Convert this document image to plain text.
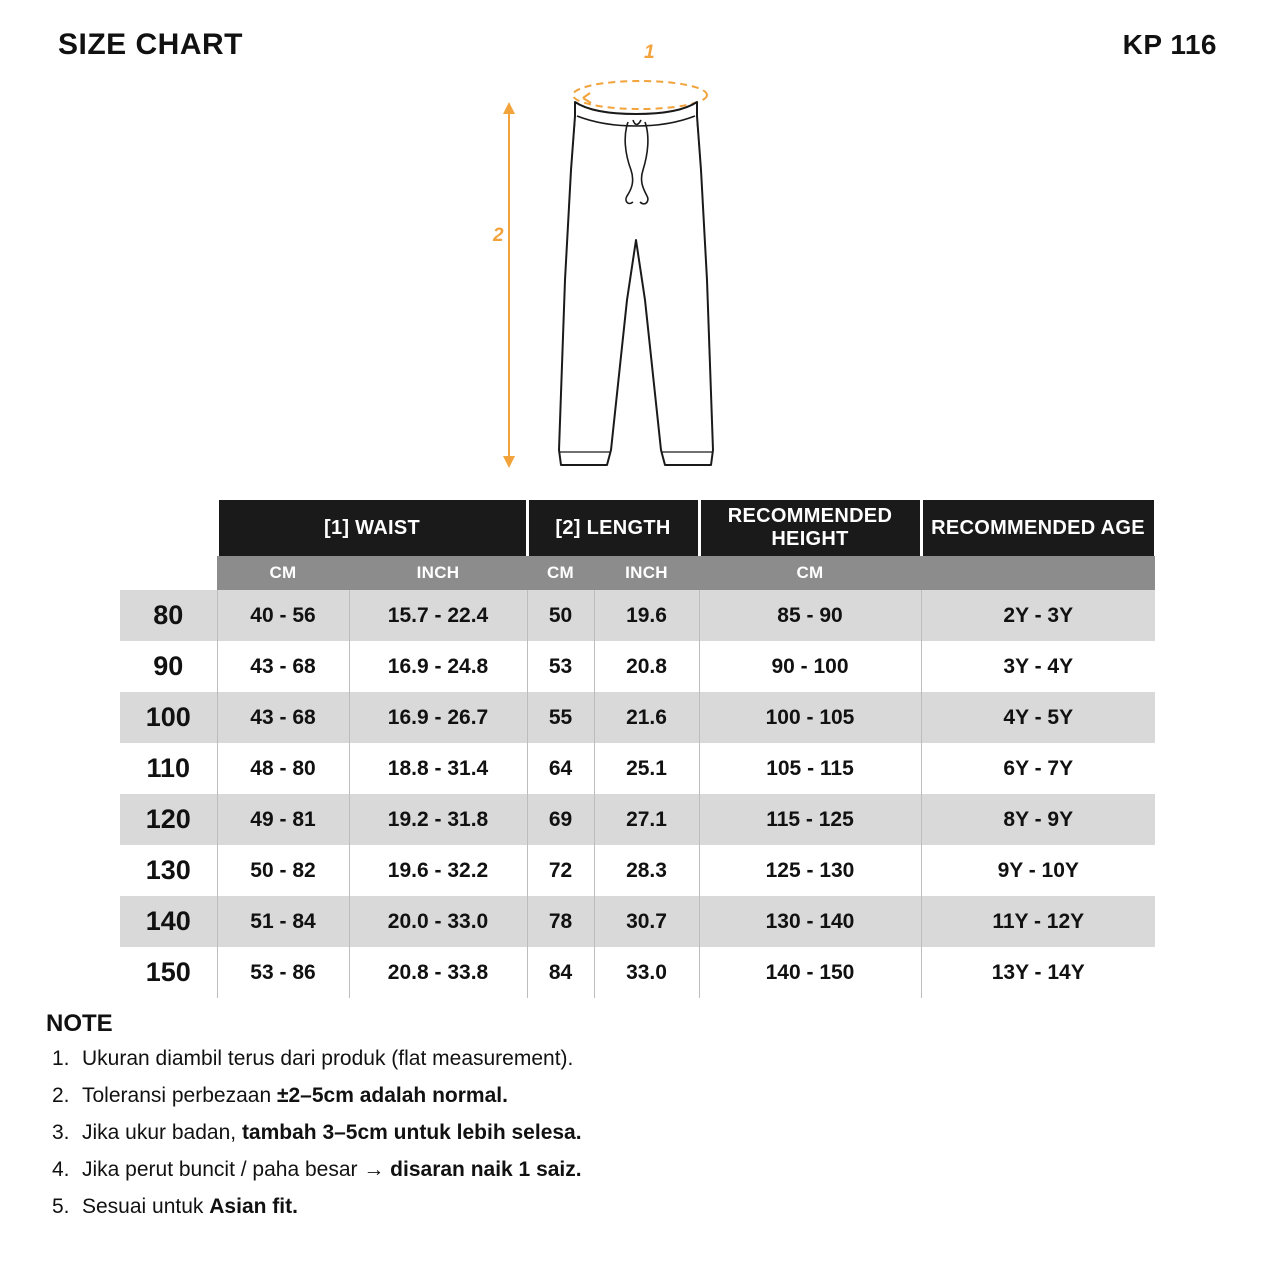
SIZE CHART	KP 116
1
2
	[1] WAIST		[2] LENGTH		RECOMMENDED HEIGHT	RECOMMENDED AGE
	CM	INCH	CM	INCH	CM	
80	40 - 56	15.7 - 22.4	50	19.6	85 - 90	2Y - 3Y
90	43 - 68	16.9 - 24.8	53	20.8	90 - 100	3Y - 4Y
100	43 - 68	16.9 - 26.7	55	21.6	100 - 105	4Y - 5Y
110	48 - 80	18.8 - 31.4	64	25.1	105 - 115	6Y - 7Y
120	49 - 81	19.2 - 31.8	69	27.1	115 - 125	8Y - 9Y
130	50 - 82	19.6 - 32.2	72	28.3	125 - 130	9Y - 10Y
140	51 - 84	20.0 - 33.0	78	30.7	130 - 140	11Y - 12Y
150	53 - 86	20.8 - 33.8	84	33.0	140 - 150	13Y - 14Y
NOTE
1. Ukuran diambil terus dari produk (flat measurement).
2. Toleransi perbezaan ±2–5cm adalah normal.
3. Jika ukur badan, tambah 3–5cm untuk lebih selesa.
4. Jika perut buncit / paha besar → disaran naik 1 saiz.
5. Sesuai untuk Asian fit.
